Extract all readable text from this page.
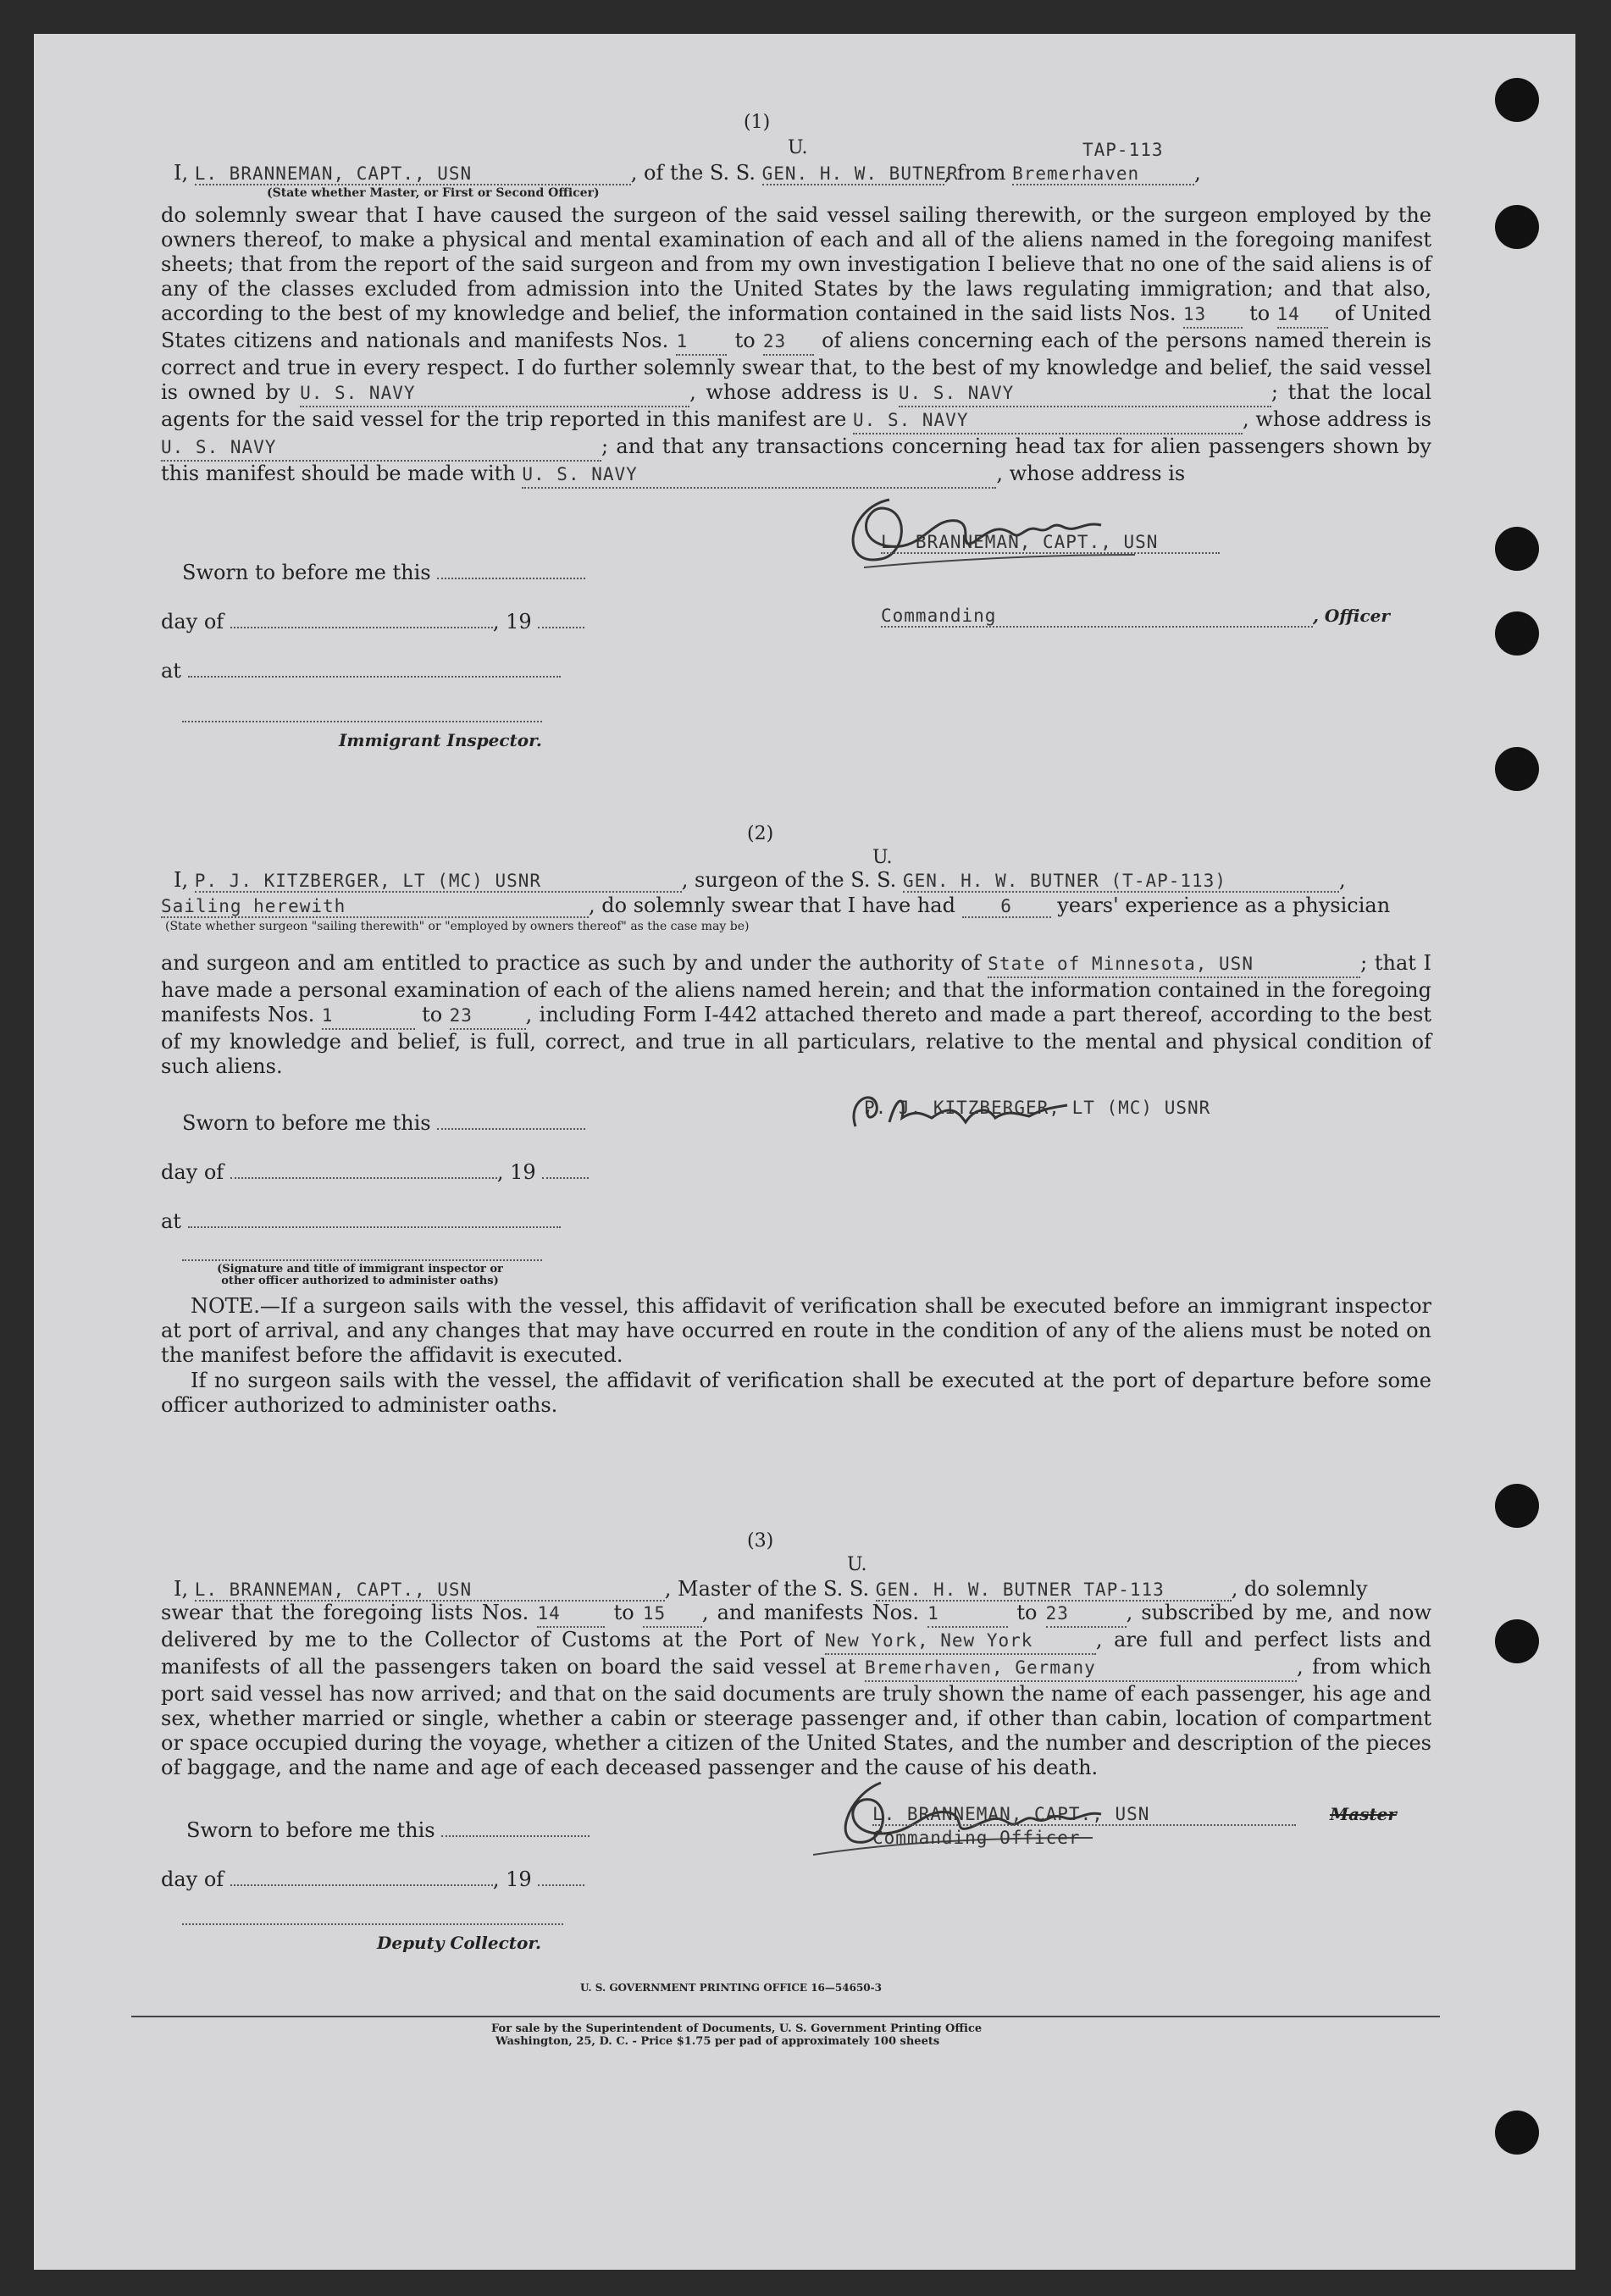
(1)
U.	TAP-113
I, L. BRANNEMAN, CAPT., USN	, of the S. S. GEN. H. W. BUTNER, from Bremerhaven	,
(State whether Master, or First or Second Officer)
do solemnly swear that I have caused the surgeon of the said vessel sailing therewith, or the surgeon employed by the owners thereof, to make a physical and mental examination of each and all of the aliens named in the foregoing manifest sheets; that from the report of the said surgeon and from my own investigation I believe that no one of the said aliens is of any of the classes excluded from admission into the United States by the laws regulating immigration; and that also, according to the best of my knowledge and belief, the information contained in the said lists Nos. 13 to 14 of United States citizens and nationals and manifests Nos. 1 to 23 of aliens concerning each of the persons named therein is correct and true in every respect. I do further solemnly swear that, to the best of my knowledge and belief, the said vessel is owned by U. S. NAVY	, whose address is U. S. NAVY	; that the local agents for the said vessel for the trip reported in this manifest are U. S. NAVY	, whose address is U. S. NAVY	; and that any transactions concerning head tax for alien passengers shown by this manifest should be made with U. S. NAVY	, whose address is
Sworn to before me this
day of	, 19
at
Immigrant Inspector.
L. BRANNEMAN, CAPT., USN
Commanding	, Officer
(2)
U.
I, P. J. KITZBERGER, LT (MC) USNR	, surgeon of the S. S. GEN. H. W. BUTNER (T-AP-113)	,
Sailing herewith	, do solemnly swear that I have had	6 years' experience as a physician
(State whether surgeon "sailing therewith" or "employed by owners thereof" as the case may be)
and surgeon and am entitled to practice as such by and under the authority of State of Minnesota, USN	; that I have made a personal examination of each of the aliens named herein; and that the information contained in the foregoing manifests Nos. 1	to 23	, including Form I-442 attached thereto and made a part thereof, according to the best of my knowledge and belief, is full, correct, and true in all particulars, relative to the mental and physical condition of such aliens.
Sworn to before me this
day of	, 19
at
(Signature and title of immigrant inspector or other officer authorized to administer oaths)
P. J. KITZBERGER, LT (MC) USNR
NOTE.—If a surgeon sails with the vessel, this affidavit of verification shall be executed before an immigrant inspector at port of arrival, and any changes that may have occurred en route in the condition of any of the aliens must be noted on the manifest before the affidavit is executed.
If no surgeon sails with the vessel, the affidavit of verification shall be executed at the port of departure before some officer authorized to administer oaths.
(3)
U.
I, L. BRANNEMAN, CAPT., USN	, Master of the S. S. GEN. H. W. BUTNER TAP-113	, do solemnly
swear that the foregoing lists Nos. 14 to 15 , and manifests Nos. 1	to 23	, subscribed by me, and now delivered by me to the Collector of Customs at the Port of New York, New York	, are full and perfect lists and manifests of all the passengers taken on board the said vessel at Bremerhaven, Germany	, from which port said vessel has now arrived; and that on the said documents are truly shown the name of each passenger, his age and sex, whether married or single, whether a cabin or steerage passenger and, if other than cabin, location of compartment or space occupied during the voyage, whether a citizen of the United States, and the number and description of the pieces of baggage, and the name and age of each deceased passenger and the cause of his death.
Sworn to before me this
day of	, 19
Deputy Collector.
L. BRANNEMAN, CAPT., USN	Master
Commanding Officer
U. S. GOVERNMENT PRINTING OFFICE 16—54650-3
For sale by the Superintendent of Documents, U. S. Government Printing Office
Washington, 25, D. C. - Price $1.75 per pad of approximately 100 sheets
